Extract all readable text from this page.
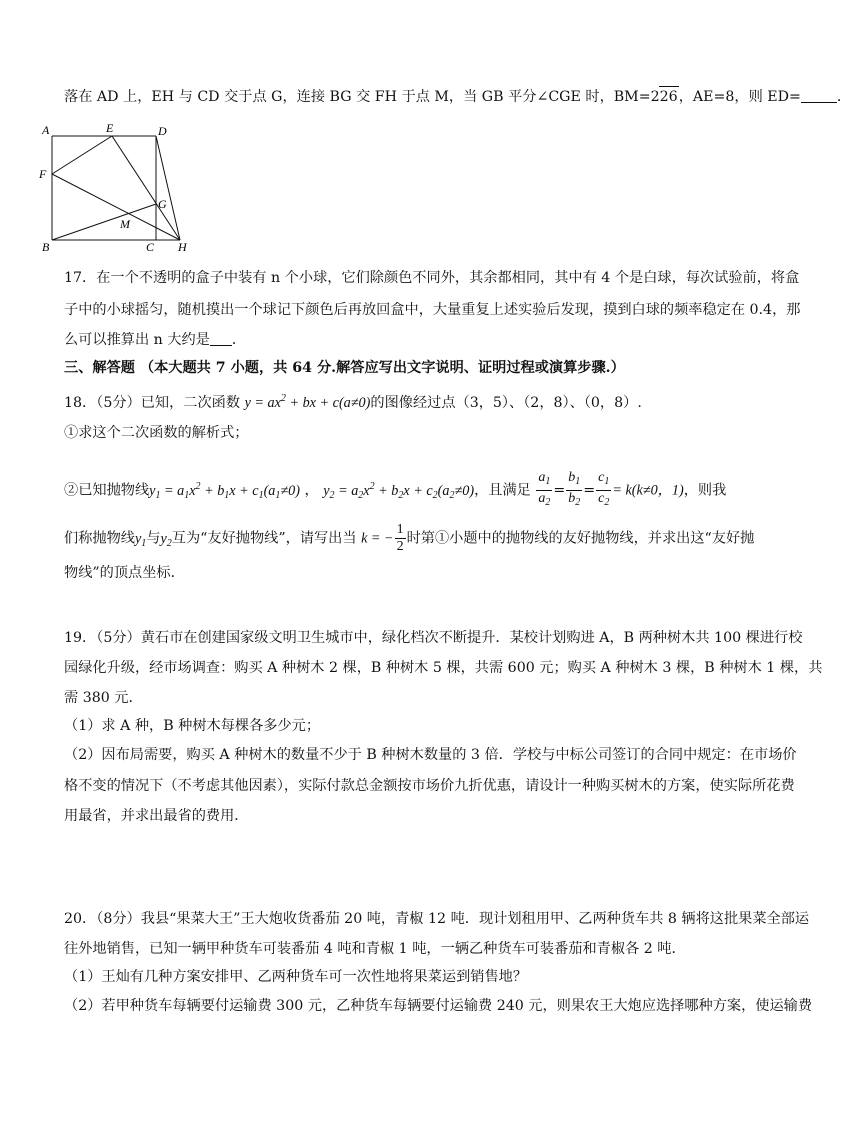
落在 AD 上，EH 与 CD 交于点 G，连接 BG 交 FH 于点 M，当 GB 平分∠CGE 时，BM=226，AE=8，则 ED=	．
A	E	D
F
G
M
B	C H
17．在一个不透明的盒子中装有 n 个小球，它们除颜色不同外，其余都相同，其中有 4 个是白球，每次试验前，将盒
子中的小球摇匀，随机摸出一个球记下颜色后再放回盒中，大量重复上述实验后发现，摸到白球的频率稳定在 0.4，那
么可以推算出 n 大约是 ．
三、解答题 （本大题共 7 小题，共 64 分.解答应写出文字说明、证明过程或演算步骤.）
18．（5分）已知，二次函数 $y = ax^2$ + bx + c(a≠0)的图像经过点（3，5）、（2，8）、（0，8）.
①求这个二次函数的解析式；
②已知抛物线$y_1 = a_1x^2 + b_1x + c_1(a_1\ne 0)$ ， $y_2 = a_2x^2 + b_2x + c_2(a_2\ne 0)$，且满足 $\frac{a_1}{a_2} = \frac{b_1}{b_2} = \frac{c_1}{c_2} = k(k\ne 0$，1)，则我
们称抛物线$y_1$与$y_2$互为“友好抛物线”，请写出当 k = − $\frac{1}{2}$ 时第①小题中的抛物线的友好抛物线，并求出这“友好抛
物线”的顶点坐标．
19．（5分）黄石市在创建国家级文明卫生城市中，绿化档次不断提升．某校计划购进 A，B 两种树木共 100 棵进行校
园绿化升级，经市场调查：购买 A 种树木 2 棵，B 种树木 5 棵，共需 600 元；购买 A 种树木 3 棵，B 种树木 1 棵，共
需 380 元．
（1）求 A 种，B 种树木每棵各多少元；
（2）因布局需要，购买 A 种树木的数量不少于 B 种树木数量的 3 倍．学校与中标公司签订的合同中规定：在市场价
格不变的情况下（不考虑其他因素），实际付款总金额按市场价九折优惠，请设计一种购买树木的方案，使实际所花费
用最省，并求出最省的费用．
20．（8分）我县“果菜大王”王大炮收货番茄 20 吨，青椒 12 吨．现计划租用甲、乙两种货车共 8 辆将这批果菜全部运
往外地销售，已知一辆甲种货车可装番茄 4 吨和青椒 1 吨，一辆乙种货车可装番茄和青椒各 2 吨．
（1）王灿有几种方案安排甲、乙两种货车可一次性地将果菜运到销售地？
（2）若甲种货车每辆要付运输费 300 元，乙种货车每辆要付运输费 240 元，则果农王大炮应选择哪种方案，使运输费
